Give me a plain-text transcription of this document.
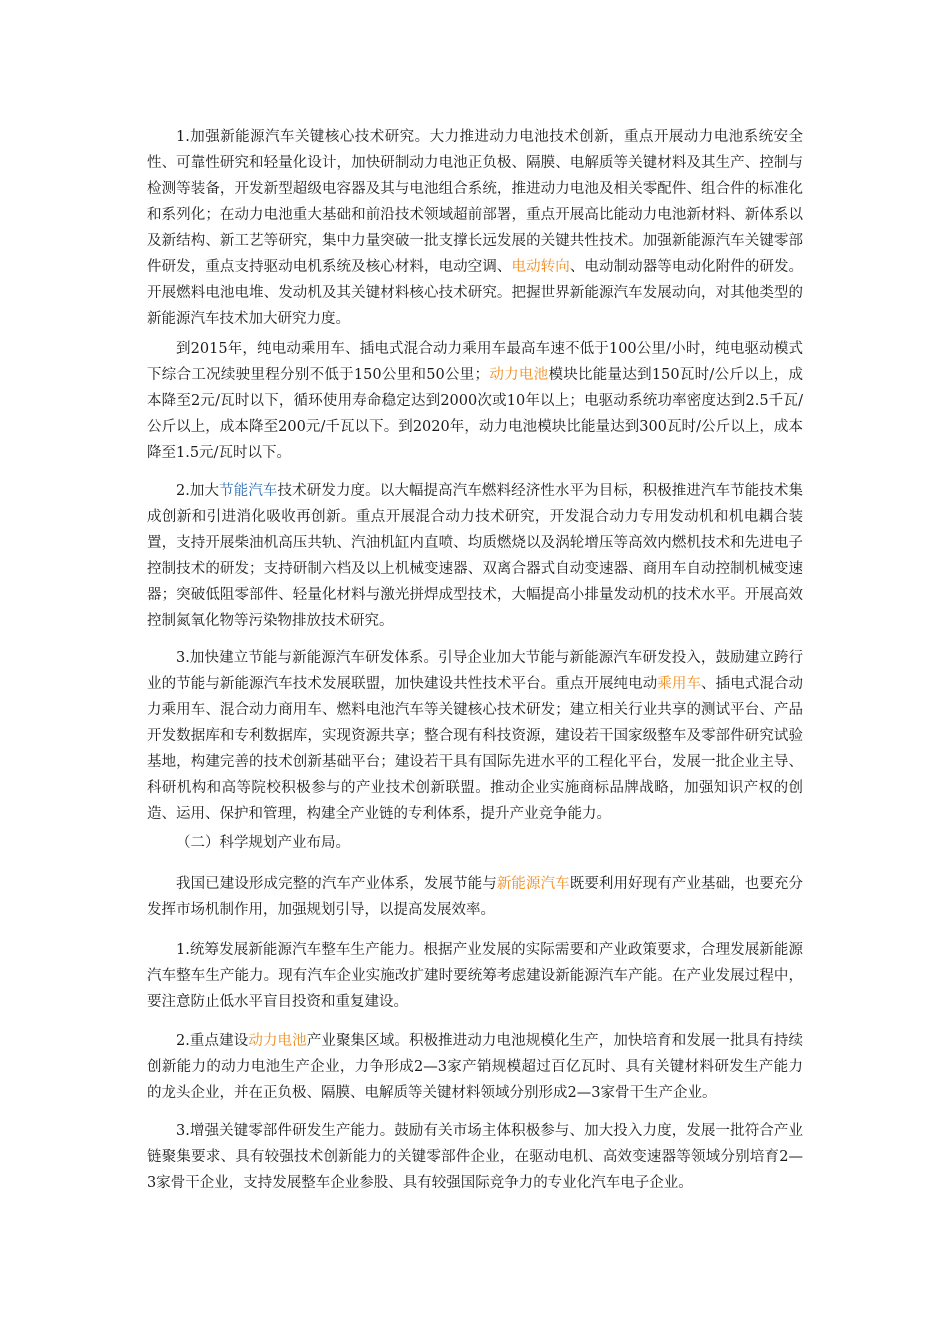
1.加强新能源汽车关键核心技术研究。大力推进动力电池技术创新，重点开展动力电池系统安全性、可靠性研究和轻量化设计，加快研制动力电池正负极、隔膜、电解质等关键材料及其生产、控制与检测等装备，开发新型超级电容器及其与电池组合系统，推进动力电池及相关零配件、组合件的标准化和系列化；在动力电池重大基础和前沿技术领域超前部署，重点开展高比能动力电池新材料、新体系以及新结构、新工艺等研究，集中力量突破一批支撑长远发展的关键共性技术。加强新能源汽车关键零部件研发，重点支持驱动电机系统及核心材料，电动空调、电动转向、电动制动器等电动化附件的研发。开展燃料电池电堆、发动机及其关键材料核心技术研究。把握世界新能源汽车发展动向，对其他类型的新能源汽车技术加大研究力度。

到2015年，纯电动乘用车、插电式混合动力乘用车最高车速不低于100公里/小时，纯电驱动模式下综合工况续驶里程分别不低于150公里和50公里；动力电池模块比能量达到150瓦时/公斤以上，成本降至2元/瓦时以下，循环使用寿命稳定达到2000次或10年以上；电驱动系统功率密度达到2.5千瓦/公斤以上，成本降至200元/千瓦以下。到2020年，动力电池模块比能量达到300瓦时/公斤以上，成本降至1.5元/瓦时以下。

2.加大节能汽车技术研发力度。以大幅提高汽车燃料经济性水平为目标，积极推进汽车节能技术集成创新和引进消化吸收再创新。重点开展混合动力技术研究，开发混合动力专用发动机和机电耦合装置，支持开展柴油机高压共轨、汽油机缸内直喷、均质燃烧以及涡轮增压等高效内燃机技术和先进电子控制技术的研发；支持研制六档及以上机械变速器、双离合器式自动变速器、商用车自动控制机械变速器；突破低阻零部件、轻量化材料与激光拼焊成型技术，大幅提高小排量发动机的技术水平。开展高效控制氮氧化物等污染物排放技术研究。

3.加快建立节能与新能源汽车研发体系。引导企业加大节能与新能源汽车研发投入，鼓励建立跨行业的节能与新能源汽车技术发展联盟，加快建设共性技术平台。重点开展纯电动乘用车、插电式混合动力乘用车、混合动力商用车、燃料电池汽车等关键核心技术研发；建立相关行业共享的测试平台、产品开发数据库和专利数据库，实现资源共享；整合现有科技资源，建设若干国家级整车及零部件研究试验基地，构建完善的技术创新基础平台；建设若干具有国际先进水平的工程化平台，发展一批企业主导、科研机构和高等院校积极参与的产业技术创新联盟。推动企业实施商标品牌战略，加强知识产权的创造、运用、保护和管理，构建全产业链的专利体系，提升产业竞争能力。

（二）科学规划产业布局。

我国已建设形成完整的汽车产业体系，发展节能与新能源汽车既要利用好现有产业基础，也要充分发挥市场机制作用，加强规划引导，以提高发展效率。

1.统筹发展新能源汽车整车生产能力。根据产业发展的实际需要和产业政策要求，合理发展新能源汽车整车生产能力。现有汽车企业实施改扩建时要统筹考虑建设新能源汽车产能。在产业发展过程中，要注意防止低水平盲目投资和重复建设。

2.重点建设动力电池产业聚集区域。积极推进动力电池规模化生产，加快培育和发展一批具有持续创新能力的动力电池生产企业，力争形成2—3家产销规模超过百亿瓦时、具有关键材料研发生产能力的龙头企业，并在正负极、隔膜、电解质等关键材料领域分别形成2—3家骨干生产企业。

3.增强关键零部件研发生产能力。鼓励有关市场主体积极参与、加大投入力度，发展一批符合产业链聚集要求、具有较强技术创新能力的关键零部件企业，在驱动电机、高效变速器等领域分别培育2—3家骨干企业，支持发展整车企业参股、具有较强国际竞争力的专业化汽车电子企业。
